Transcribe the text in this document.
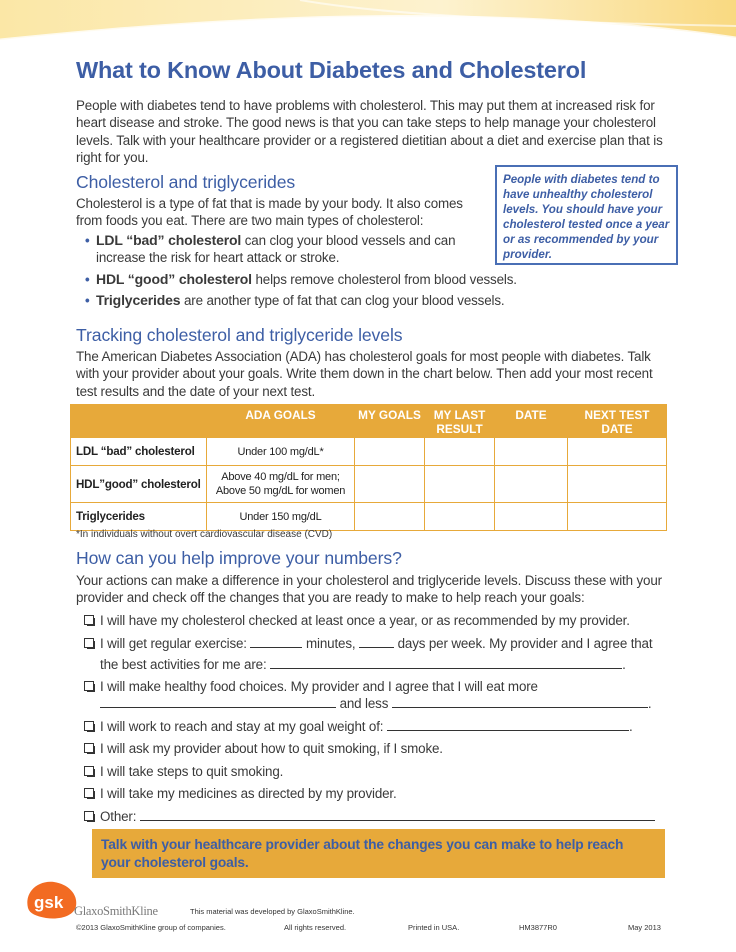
What to Know About Diabetes and Cholesterol

People with diabetes tend to have problems with cholesterol. This may put them at increased risk for heart disease and stroke. The good news is that you can take steps to help manage your cholesterol levels. Talk with your healthcare provider or a registered dietitian about a diet and exercise plan that is right for you.

Cholesterol and triglycerides

Cholesterol is a type of fat that is made by your body. It also comes from foods you eat. There are two main types of cholesterol:

• LDL “bad” cholesterol can clog your blood vessels and can increase the risk for heart attack or stroke.
• HDL “good” cholesterol helps remove cholesterol from blood vessels.
• Triglycerides are another type of fat that can clog your blood vessels.
People with diabetes tend to have unhealthy cholesterol levels. You should have your cholesterol tested once a year or as recommended by your provider.
Tracking cholesterol and triglyceride levels

The American Diabetes Association (ADA) has cholesterol goals for most people with diabetes. Talk with your provider about your goals. Write them down in the chart below. Then add your most recent test results and the date of your next test.

	ADA GOALS	MY GOALS	MY LAST RESULT	DATE	NEXT TEST DATE
LDL “bad” cholesterol	Under 100 mg/dL*				
HDL”good” cholesterol	Above 40 mg/dL for men;
Above 50 mg/dL for women				
Triglycerides	Under 150 mg/dL				
*In individuals without overt cardiovascular disease (CVD)
How can you help improve your numbers?

Your actions can make a difference in your cholesterol and triglyceride levels. Discuss these with your provider and check off the changes that you are ready to make to help reach your goals:

I will have my cholesterol checked at least once a year, or as recommended by my provider.
I will get regular exercise:	minutes,	days per week. My provider and I agree that
the best activities for me are:	.
I will make healthy food choices. My provider and I agree that I will eat more
and less	.
I will work to reach and stay at my goal weight of:	.
I will ask my provider about how to quit smoking, if I smoke.
I will take steps to quit smoking.
I will take my medicines as directed by my provider.
Other:
Talk with your healthcare provider about the changes you can make to help reach your cholesterol goals.
gsk GlaxoSmithKline	This material was developed by GlaxoSmithKline.
©2013 GlaxoSmithKline group of companies.	All rights reserved.	Printed in USA.	HM3877R0	May 2013
